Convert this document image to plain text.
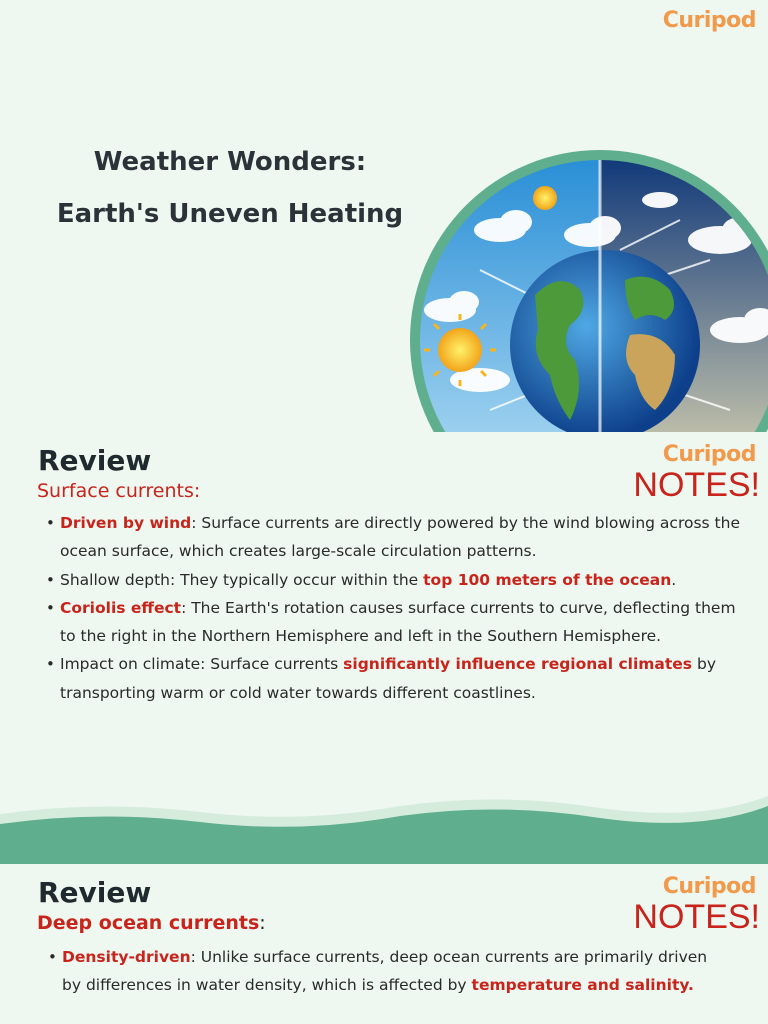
Curipod
Weather Wonders:
Earth's Uneven Heating
Curipod
NOTES!
Review
Surface currents:
• Driven by wind: Surface currents are directly powered by the wind blowing across the ocean surface, which creates large-scale circulation patterns.
• Shallow depth: They typically occur within the top 100 meters of the ocean.
• Coriolis effect: The Earth's rotation causes surface currents to curve, deflecting them to the right in the Northern Hemisphere and left in the Southern Hemisphere.
• Impact on climate: Surface currents significantly influence regional climates by transporting warm or cold water towards different coastlines.
Curipod
NOTES!
Review
Deep ocean currents:
• Density-driven: Unlike surface currents, deep ocean currents are primarily driven by differences in water density, which is affected by temperature and salinity.
